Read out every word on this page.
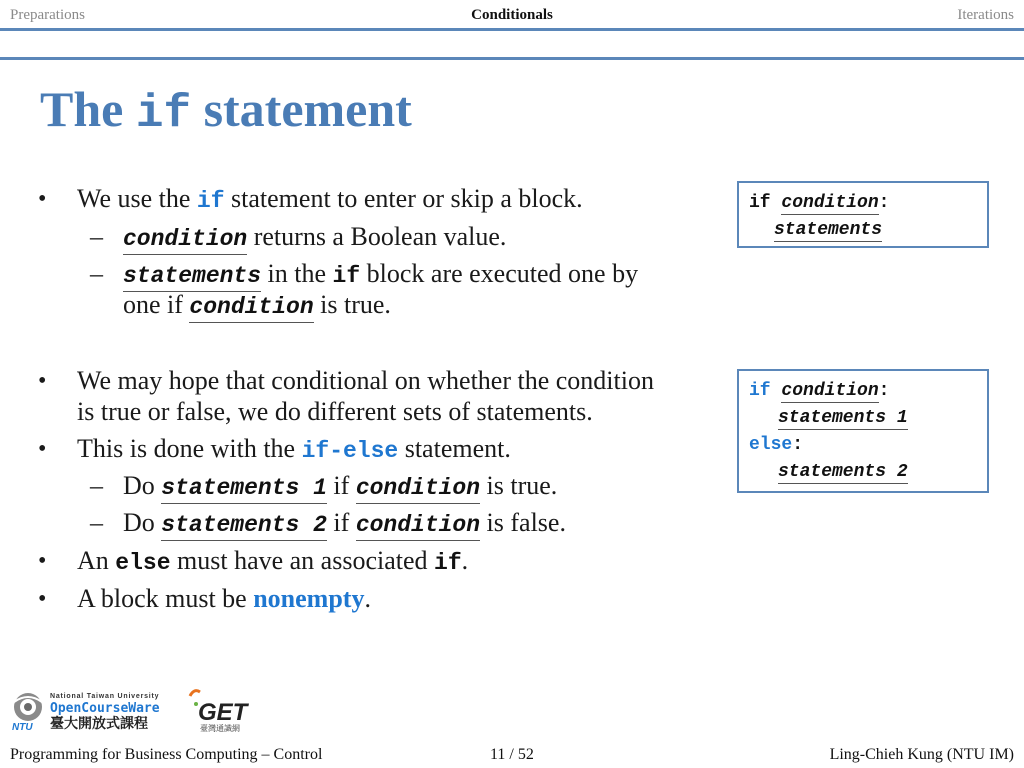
Preparations	Conditionals	Iterations
The if statement
• We use the if statement to enter or skip a block.
– condition returns a Boolean value.
– statements in the if block are executed one by
one if condition is true.
• We may hope that conditional on whether the condition
is true or false, we do different sets of statements.
• This is done with the if-else statement.
– Do statements 1 if condition is true.
– Do statements 2 if condition is false.
• An else must have an associated if.
• A block must be nonempty.
if condition:
statements
if condition:
statements 1
else:
statements 2
NTU
National Taiwan University
OpenCourseWare
臺大開放式課程 GET
臺灣通識網
Programming for Business Computing – Control	11 / 52	Ling-Chieh Kung (NTU IM)
